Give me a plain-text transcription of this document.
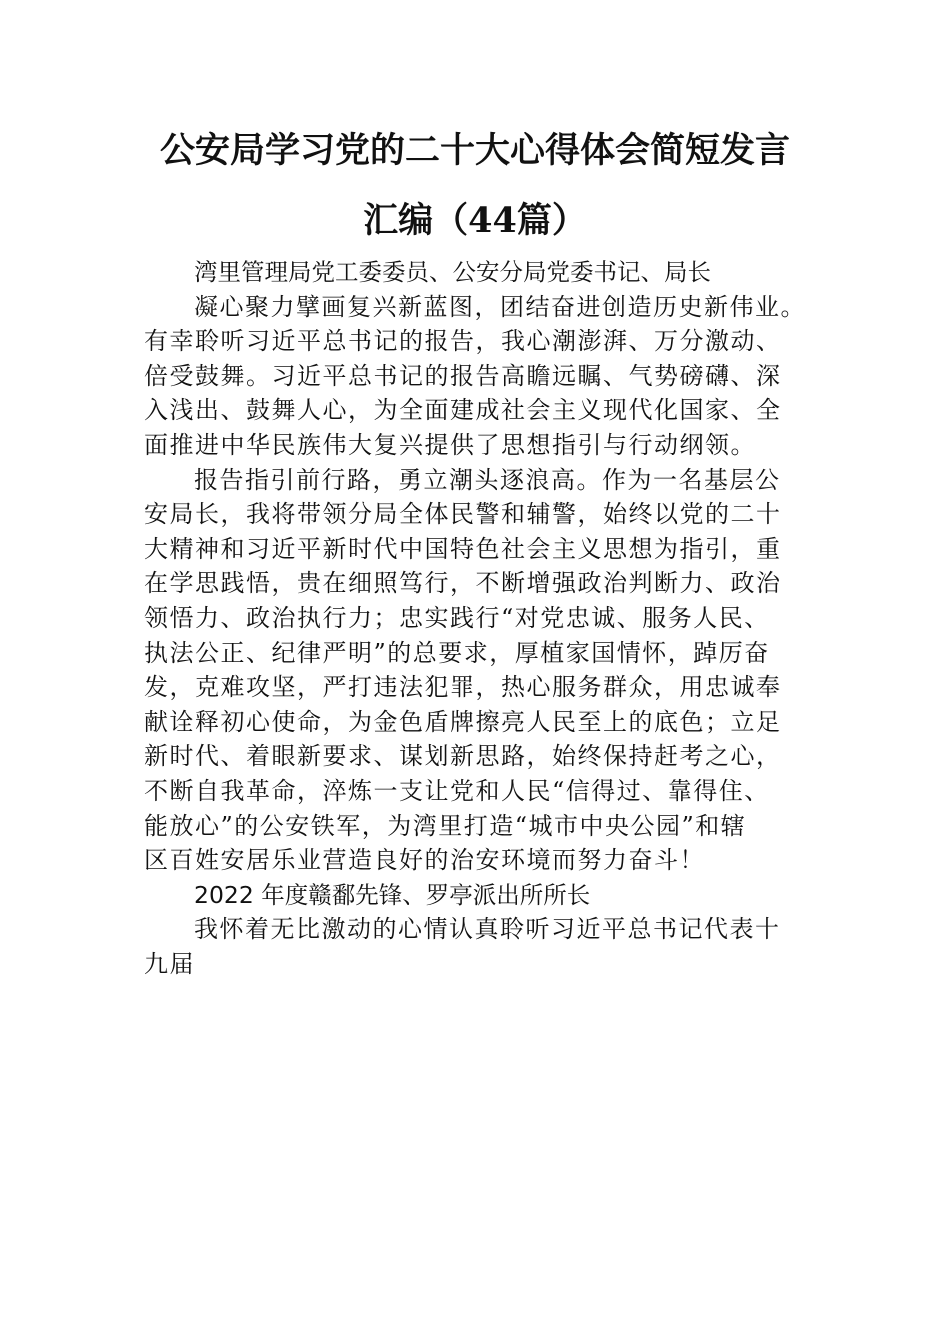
公安局学习党的二十大心得体会简短发言
汇编（44篇）
湾里管理局党工委委员、公安分局党委书记、局长
凝心聚力擘画复兴新蓝图，团结奋进创造历史新伟业。
有幸聆听习近平总书记的报告，我心潮澎湃、万分激动、
倍受鼓舞。习近平总书记的报告高瞻远瞩、气势磅礴、深
入浅出、鼓舞人心，为全面建成社会主义现代化国家、全
面推进中华民族伟大复兴提供了思想指引与行动纲领。
报告指引前行路，勇立潮头逐浪高。作为一名基层公
安局长，我将带领分局全体民警和辅警，始终以党的二十
大精神和习近平新时代中国特色社会主义思想为指引，重
在学思践悟，贵在细照笃行，不断增强政治判断力、政治
领悟力、政治执行力；忠实践行“对党忠诚、服务人民、
执法公正、纪律严明”的总要求，厚植家国情怀，踔厉奋
发，克难攻坚，严打违法犯罪，热心服务群众，用忠诚奉
献诠释初心使命，为金色盾牌擦亮人民至上的底色；立足
新时代、着眼新要求、谋划新思路，始终保持赶考之心，
不断自我革命，淬炼一支让党和人民“信得过、靠得住、
能放心”的公安铁军，为湾里打造“城市中央公园”和辖
区百姓安居乐业营造良好的治安环境而努力奋斗！
2022 年度赣鄱先锋、罗亭派出所所长
我怀着无比激动的心情认真聆听习近平总书记代表十
九届
